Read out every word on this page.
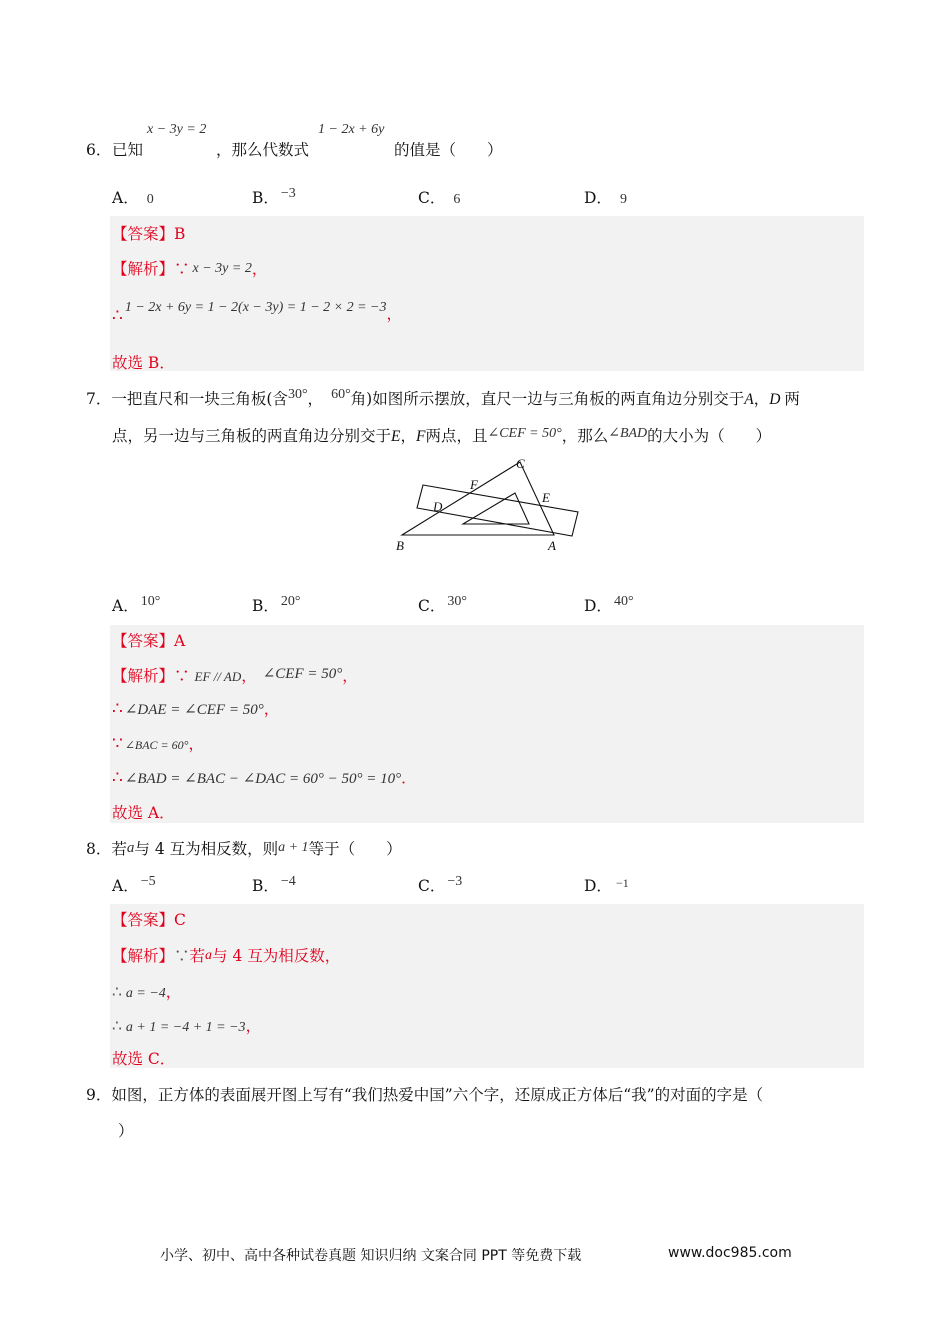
6． 已知
x − 3y = 2
，那么代数式
1 − 2x + 6y
的值是（　　）
A． 0	B． −3	C． 6	D． 9
【答案】B
【解析】∵ x − 3y = 2，
∴ 1 − 2x + 6y = 1 − 2(x − 3y) = 1 − 2 × 2 = −3，
故选 B．
7．一把直尺和一块三角板(含30°， 60°角)如图所示摆放，直尺一边与三角板的两直角边分别交于A，D 两
点，另一边与三角板的两直角边分别交于E，F两点，且∠CEF = 50°，那么∠BAD的大小为（　　）
C
F
E
D
B	A
A． 10°	B． 20°	C． 30°	D． 40°
【答案】A
【解析】∵ EF // AD， ∠CEF = 50°，
∴ ∠DAE = ∠CEF = 50°，
∵ ∠BAC = 60°，
∴ ∠BAD = ∠BAC − ∠DAC = 60° − 50° = 10°．
故选 A．
8．若a与 4 互为相反数，则a + 1等于（　　）
A． −5	B． −4	C． −3	D． $^{-1}$
【答案】C
【解析】∵若a与 4 互为相反数，
∴ a = −4，
∴ a + 1 = −4 + 1 = −3，
故选 C．
9．如图，正方体的表面展开图上写有“我们热爱中国”六个字，还原成正方体后“我”的对面的字是（
）
小学、初中、高中各种试卷真题 知识归纳 文案合同 PPT 等免费下载	www.doc985.com
